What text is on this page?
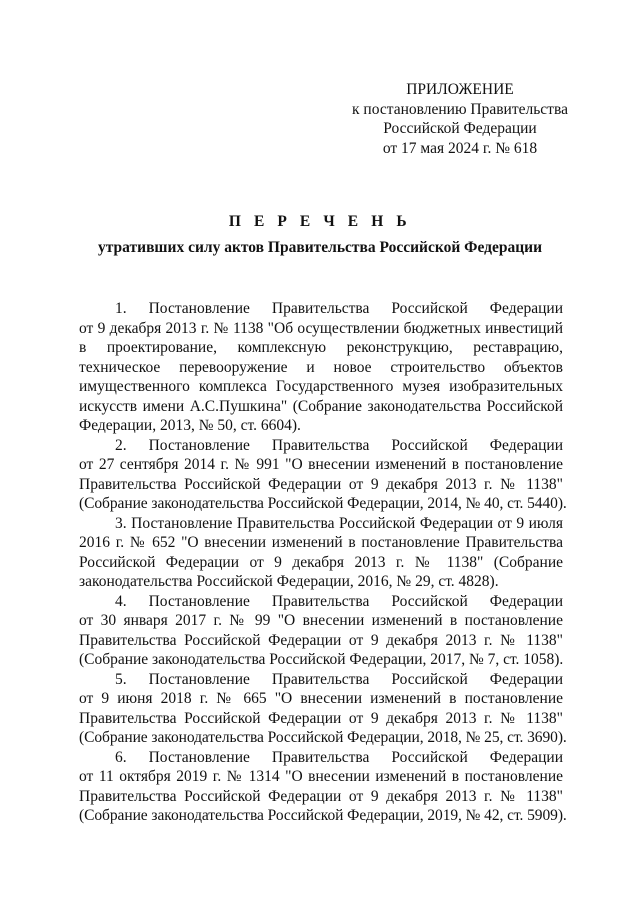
ПРИЛОЖЕНИЕ
к постановлению Правительства
Российской Федерации
от 17 мая 2024 г. № 618
П Е Р Е Ч Е Н Ь
утративших силу актов Правительства Российской Федерации

1. Постановление Правительства Российской Федерации
от 9 декабря 2013 г. № 1138 "Об осуществлении бюджетных инвестиций
в проектирование, комплексную реконструкцию, реставрацию,
техническое перевооружение и новое строительство объектов
имущественного комплекса Государственного музея изобразительных
искусств имени А.С.Пушкина" (Собрание законодательства Российской
Федерации, 2013, № 50, ст. 6604).

2. Постановление Правительства Российской Федерации
от 27 сентября 2014 г. № 991 "О внесении изменений в постановление
Правительства Российской Федерации от 9 декабря 2013 г. № 1138"
(Собрание законодательства Российской Федерации, 2014, № 40, ст. 5440).

3. Постановление Правительства Российской Федерации от 9 июля
2016 г. № 652 "О внесении изменений в постановление Правительства
Российской Федерации от 9 декабря 2013 г. № 1138" (Собрание
законодательства Российской Федерации, 2016, № 29, ст. 4828).

4. Постановление Правительства Российской Федерации
от 30 января 2017 г. № 99 "О внесении изменений в постановление
Правительства Российской Федерации от 9 декабря 2013 г. № 1138"
(Собрание законодательства Российской Федерации, 2017, № 7, ст. 1058).

5. Постановление Правительства Российской Федерации
от 9 июня 2018 г. № 665 "О внесении изменений в постановление
Правительства Российской Федерации от 9 декабря 2013 г. № 1138"
(Собрание законодательства Российской Федерации, 2018, № 25, ст. 3690).

6. Постановление Правительства Российской Федерации
от 11 октября 2019 г. № 1314 "О внесении изменений в постановление
Правительства Российской Федерации от 9 декабря 2013 г. № 1138"
(Собрание законодательства Российской Федерации, 2019, № 42, ст. 5909).
